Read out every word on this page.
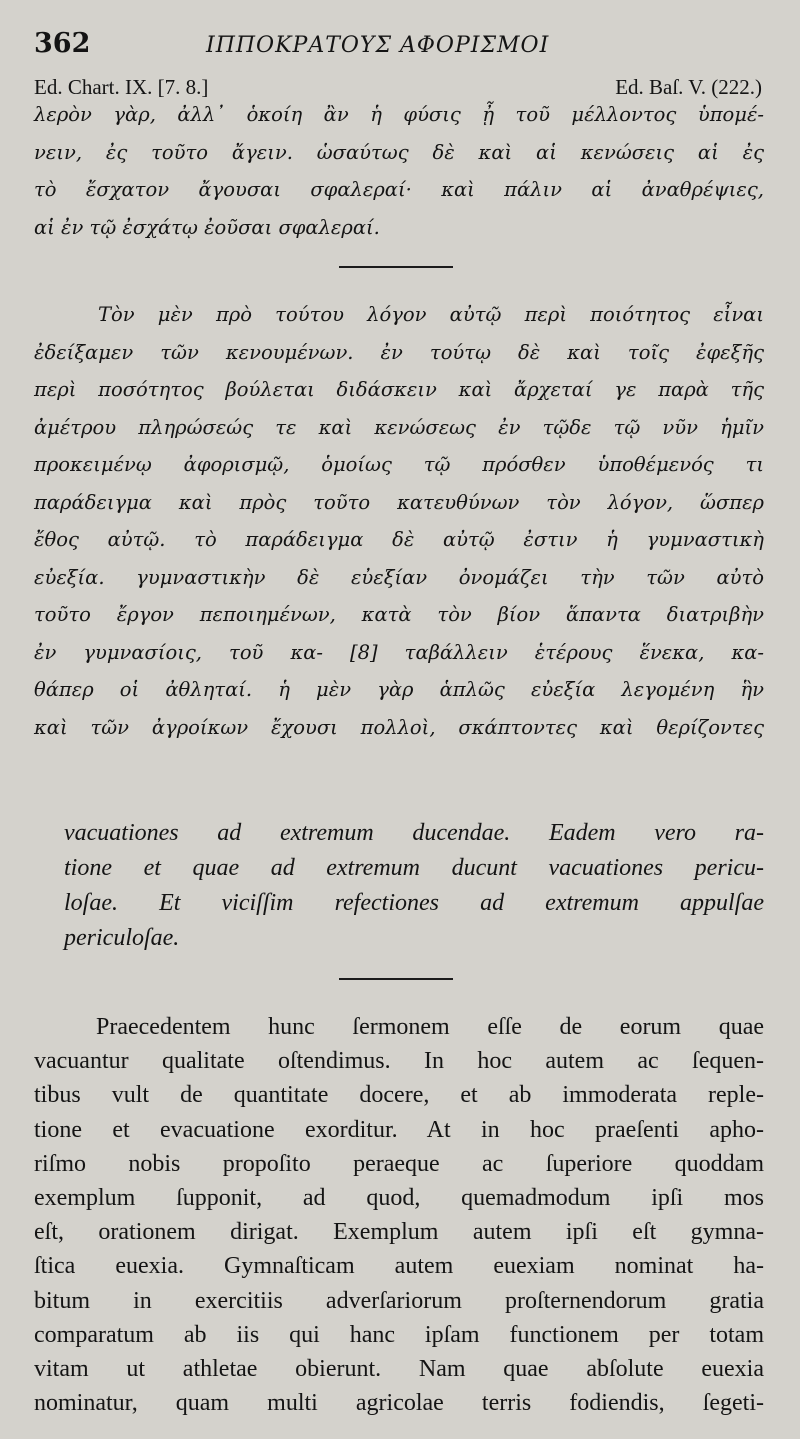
362	ΙΠΠΟΚΡΑΤΟΥΣ ΑΦΟΡΙΣΜΟΙ
Ed. Chart. IX. [7. 8.]	Ed. Baſ. V. (222.)
λερὸν γὰρ, ἀλλ᾽ ὁκοίη ἂν ἡ φύσις ᾖ τοῦ μέλλοντος ὑπομέ-
νειν, ἐς τοῦτο ἄγειν. ὡσαύτως δὲ καὶ αἱ κενώσεις αἱ ἐς
τὸ ἔσχατον ἄγουσαι σφαλεραί· καὶ πάλιν αἱ ἀναθρέψιες,
αἱ ἐν τῷ ἐσχάτῳ ἐοῦσαι σφαλεραί.
Τὸν μὲν πρὸ τούτου λόγον αὐτῷ περὶ ποιότητος εἶναι
ἐδείξαμεν τῶν κενουμένων. ἐν τούτῳ δὲ καὶ τοῖς ἐφεξῆς
περὶ ποσότητος βούλεται διδάσκειν καὶ ἄρχεταί γε παρὰ τῆς
ἀμέτρου πληρώσεώς τε καὶ κενώσεως ἐν τῷδε τῷ νῦν ἡμῖν
προκειμένῳ ἀφορισμῷ, ὁμοίως τῷ πρόσθεν ὑποθέμενός τι
παράδειγμα καὶ πρὸς τοῦτο κατευθύνων τὸν λόγον, ὥσπερ
ἔθος αὐτῷ. τὸ παράδειγμα δὲ αὐτῷ ἐστιν ἡ γυμναστικὴ
εὐεξία. γυμναστικὴν δὲ εὐεξίαν ὀνομάζει τὴν τῶν αὐτὸ
τοῦτο ἔργον πεποιημένων, κατὰ τὸν βίον ἅπαντα διατριβὴν
ἐν γυμνασίοις, τοῦ κα- [8] ταβάλλειν ἑτέρους ἕνεκα, κα-
θάπερ οἱ ἀθληταί. ἡ μὲν γὰρ ἁπλῶς εὐεξία λεγομένη ἣν
καὶ τῶν ἀγροίκων ἔχουσι πολλοὶ, σκάπτοντες καὶ θερίζοντες
vacuationes ad extremum ducendae. Eadem vero ra-
tione et quae ad extremum ducunt vacuationes pericu-
loſae. Et viciſſim refectiones ad extremum appulſae
periculoſae.
Praecedentem hunc ſermonem eſſe de eorum quae
vacuantur qualitate oſtendimus. In hoc autem ac ſequen-
tibus vult de quantitate docere, et ab immoderata reple-
tione et evacuatione exorditur. At in hoc praeſenti apho-
riſmo nobis propoſito peraeque ac ſuperiore quoddam
exemplum ſupponit, ad quod, quemadmodum ipſi mos
eſt, orationem dirigat. Exemplum autem ipſi eſt gymna-
ſtica euexia. Gymnaſticam autem euexiam nominat ha-
bitum in exercitiis adverſariorum proſternendorum gratia
comparatum ab iis qui hanc ipſam functionem per totam
vitam ut athletae obierunt. Nam quae abſolute euexia
nominatur, quam multi agricolae terris fodiendis, ſegeti-
